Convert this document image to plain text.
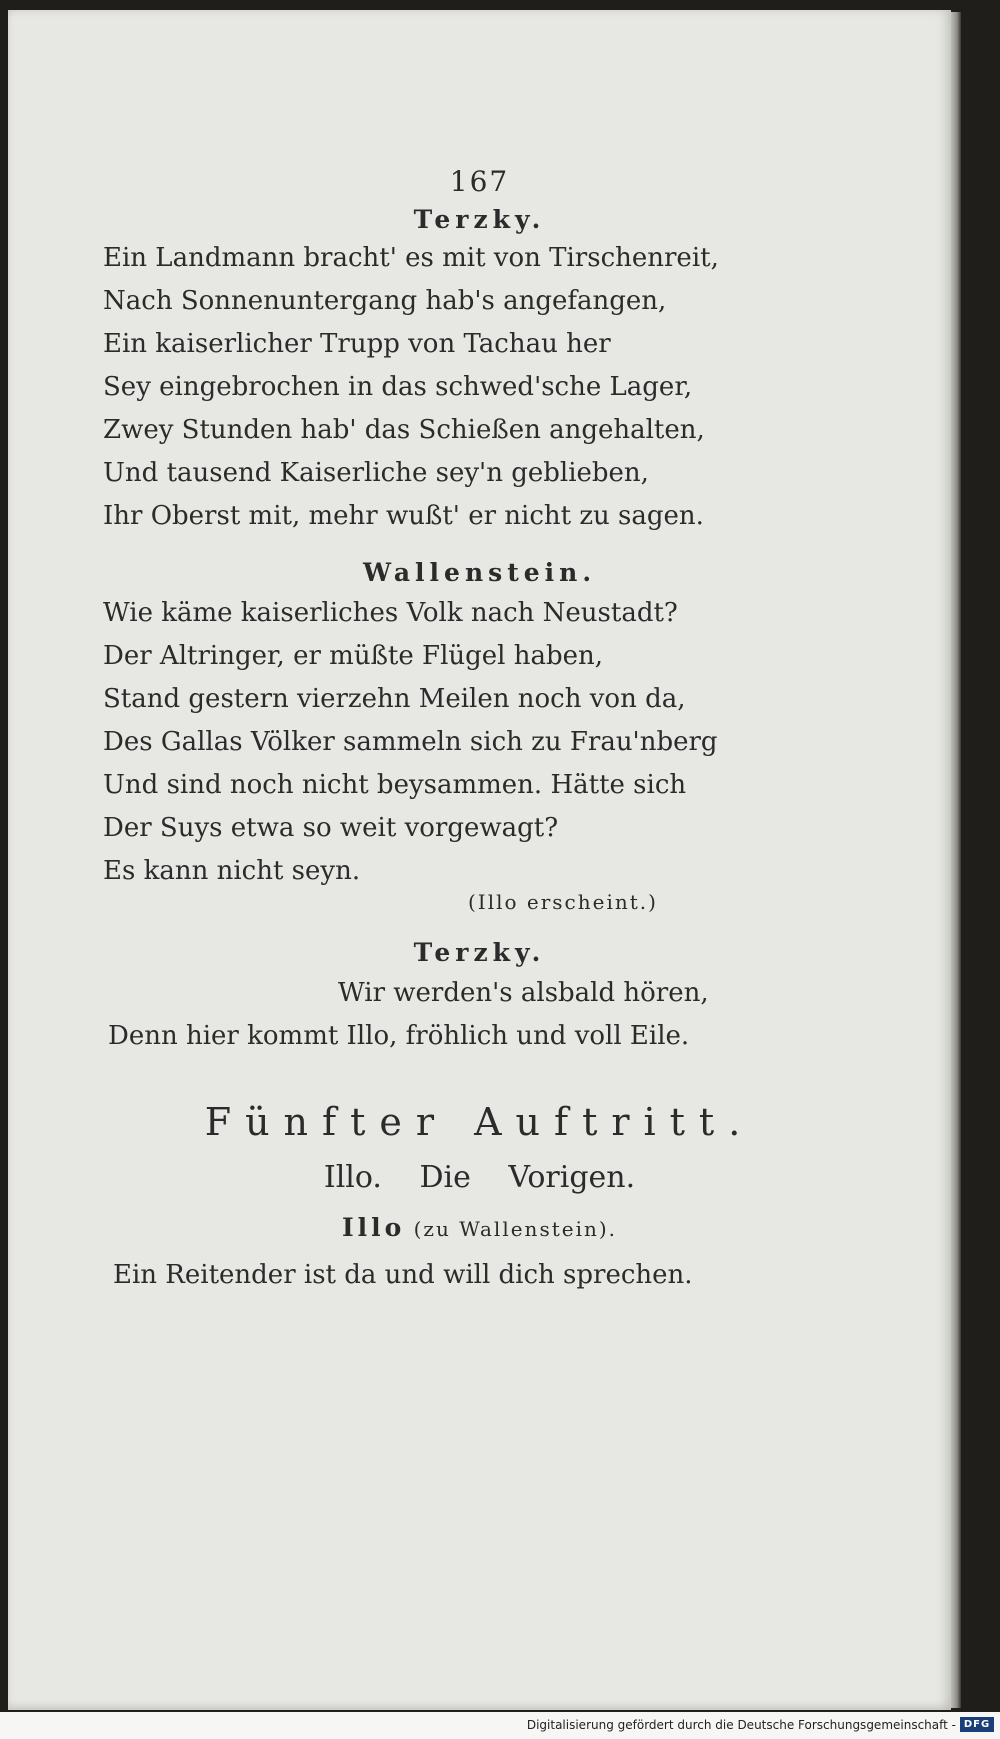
167
Terzky.
Ein Landmann bracht' es mit von Tirschenreit,
Nach Sonnenuntergang hab's angefangen,
Ein kaiserlicher Trupp von Tachau her
Sey eingebrochen in das schwed'sche Lager,
Zwey Stunden hab' das Schießen angehalten,
Und tausend Kaiserliche sey'n geblieben,
Ihr Oberst mit, mehr wußt' er nicht zu sagen.
Wallenstein.
Wie käme kaiserliches Volk nach Neustadt?
Der Altringer, er müßte Flügel haben,
Stand gestern vierzehn Meilen noch von da,
Des Gallas Völker sammeln sich zu Frau'nberg
Und sind noch nicht beysammen. Hätte sich
Der Suys etwa so weit vorgewagt?
Es kann nicht seyn.
(Illo erscheint.)
Terzky.
Wir werden's alsbald hören,
Denn hier kommt Illo, fröhlich und voll Eile.
Fünfter Auftritt.
Illo. Die Vorigen.
Illo (zu Wallenstein).
Ein Reitender ist da und will dich sprechen.
Digitalisierung gefördert durch die Deutsche Forschungsgemeinschaft - DFG
